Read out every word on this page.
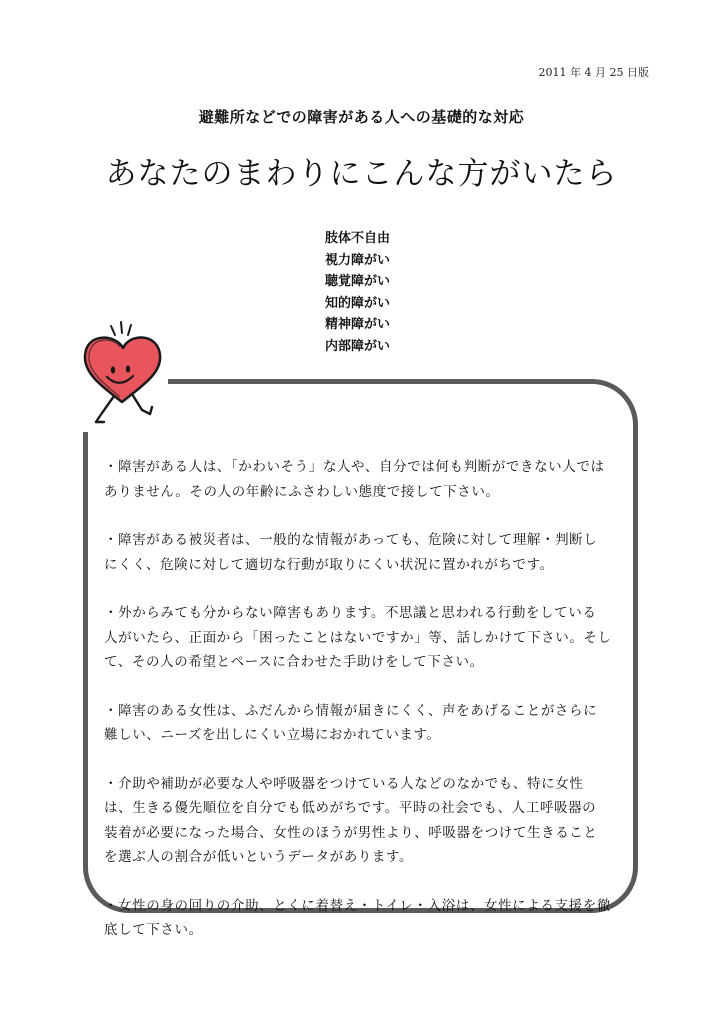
2011 年 4 月 25 日版
避難所などでの障害がある人への基礎的な対応
あなたのまわりにこんな方がいたら
肢体不自由
視力障がい
聴覚障がい
知的障がい
精神障がい
内部障がい

・障害がある人は、「かわいそう」な人や、自分では何も判断ができない人では
ありません。その人の年齢にふさわしい態度で接して下さい。

・障害がある被災者は、一般的な情報があっても、危険に対して理解・判断し
にくく、危険に対して適切な行動が取りにくい状況に置かれがちです。

・外からみても分からない障害もあります。不思議と思われる行動をしている
人がいたら、正面から「困ったことはないですか」等、話しかけて下さい。そし
て、その人の希望とペースに合わせた手助けをして下さい。

・障害のある女性は、ふだんから情報が届きにくく、声をあげることがさらに
難しい、ニーズを出しにくい立場におかれています。

・介助や補助が必要な人や呼吸器をつけている人などのなかでも、特に女性
は、生きる優先順位を自分でも低めがちです。平時の社会でも、人工呼吸器の
装着が必要になった場合、女性のほうが男性より、呼吸器をつけて生きること
を選ぶ人の割合が低いというデータがあります。

・女性の身の回りの介助、とくに着替え・トイレ・入浴は、女性による支援を徹
底して下さい。
